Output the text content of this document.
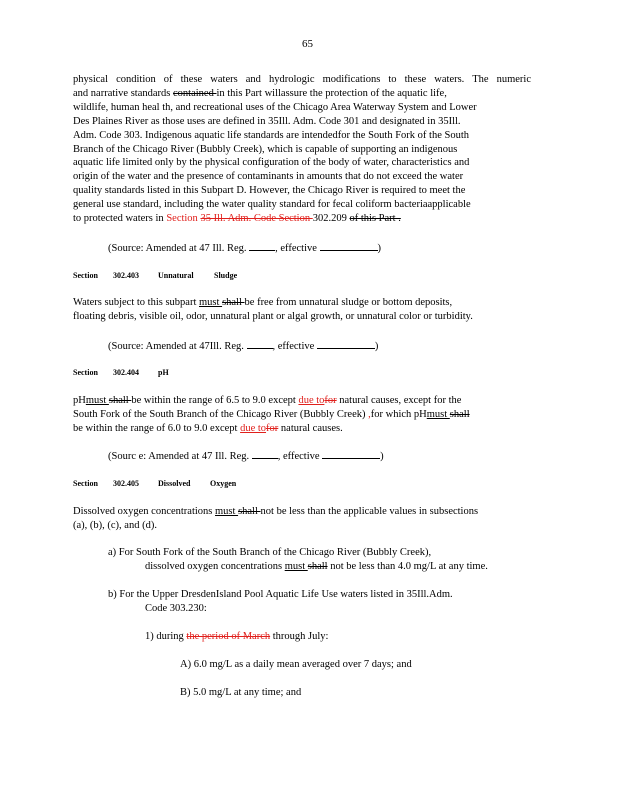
65
physical condition of these waters and hydrologic modifications to these waters. The numeric
and narrative standards contained in this Part willassure the protection of the aquatic life,
wildlife, human heal th, and recreational uses of the Chicago Area Waterway System and Lower
Des Plaines River as those uses are defined in 35Ill. Adm. Code 301 and designated in 35Ill.
Adm. Code 303. Indigenous aquatic life standards are intendedfor the South Fork of the South
Branch of the Chicago River (Bubbly Creek), which is capable of supporting an indigenous
aquatic life limited only by the physical configuration of the body of water, characteristics and
origin of the water and the presence of contaminants in amounts that do not exceed the water
quality standards listed in this Subpart D. However, the Chicago River is required to meet the
general use standard, including the water quality standard for fecal coliform bacteriaapplicable
to protected waters in Section 35 Ill. Adm. Code Section 302.209 of this Part .
(Source: Amended at 47 Ill. Reg. , effective	)
Section 302.403 Unnatural	Sludge
Waters subject to this subpart must shall be free from unnatural sludge or bottom deposits,
floating debris, visible oil, odor, unnatural plant or algal growth, or unnatural color or turbidity.
(Source: Amended at 47Ill. Reg. , effective	)
Section 302.404 pH
pHmust shall be within the range of 6.5 to 9.0 except due tofor natural causes, except for the
South Fork of the South Branch of the Chicago River (Bubbly Creek) ,for which pHmust shall
be within the range of 6.0 to 9.0 except due tofor natural causes.
(Sourc e: Amended at 47 Ill. Reg. , effective	)
Section 302.405 Dissolved Oxygen
Dissolved oxygen concentrations must shall not be less than the applicable values in subsections
(a), (b), (c), and (d).
a) For South Fork of the South Branch of the Chicago River (Bubbly Creek),
dissolved oxygen concentrations must shall not be less than 4.0 mg/L at any time.
b) For the Upper DresdenIsland Pool Aquatic Life Use waters listed in 35Ill.Adm.
Code 303.230:
1) during the period of March through July:
A) 6.0 mg/L as a daily mean averaged over 7 days; and
B) 5.0 mg/L at any time; and
